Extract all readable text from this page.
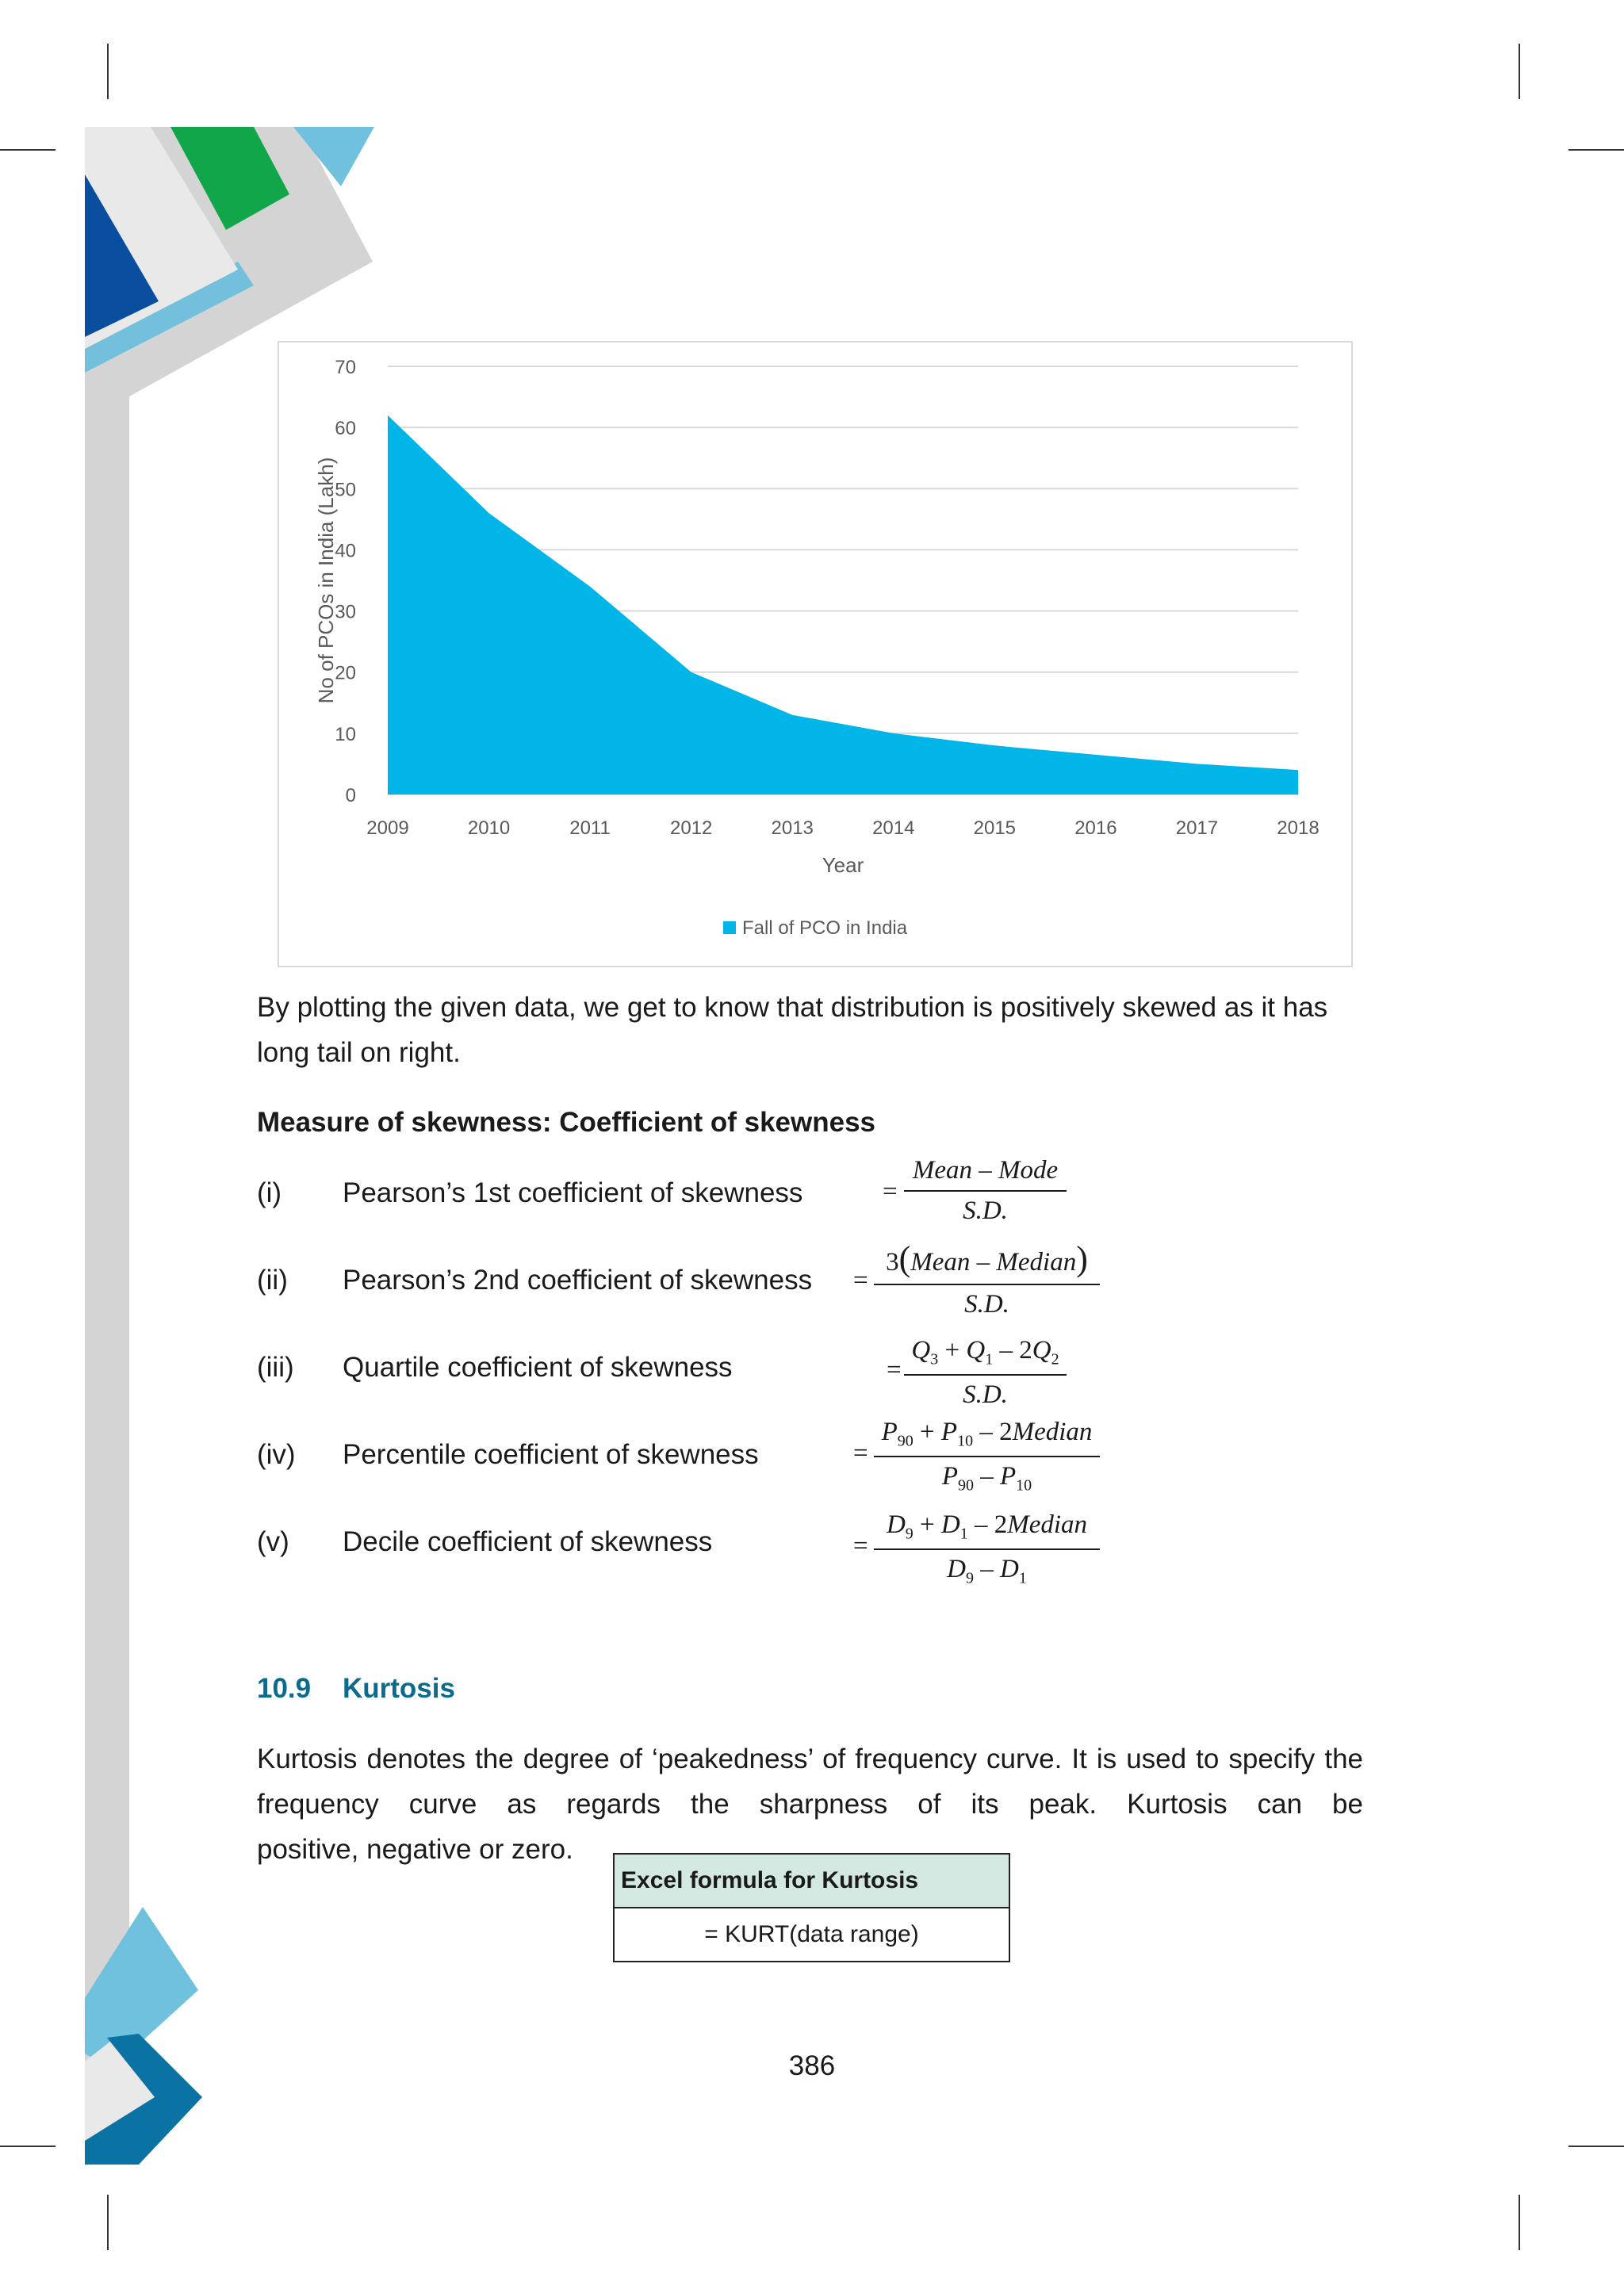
0
10
20
30
40
50
60
70
2009	2010	2011	2012	2013	2014	2015	2016	2017	2018
Year
No of PCOs in India (Lakh)
Fall of PCO in India
By plotting the given data, we get to know that distribution is positively skewed as it has long tail on right.
Measure of skewness: Coefficient of skewness
(i) Pearson’s 1st coefficient of skewness	=
Mean – Mode
S.D.
(ii) Pearson’s 2nd coefficient of skewness =
3(Mean – Median)
S.D.
(iii) Quartile coefficient of skewness	=
$Q_3 + Q_1 - 2Q_2$
S.D.
(iv) Percentile coefficient of skewness	=
$P_{90} + P_{10}$ – 2Median
$P_{90} - P_{10}$
(v) Decile coefficient of skewness	=
$D_9 + D_1$ – 2Median
$D_9 - D_1$
10.9 Kurtosis
Kurtosis denotes the degree of ‘peakedness’ of frequency curve. It is used to specify the frequency curve as regards the sharpness of its peak. Kurtosis can be
positive, negative or zero.
Excel formula for Kurtosis
= KURT(data range)
386
